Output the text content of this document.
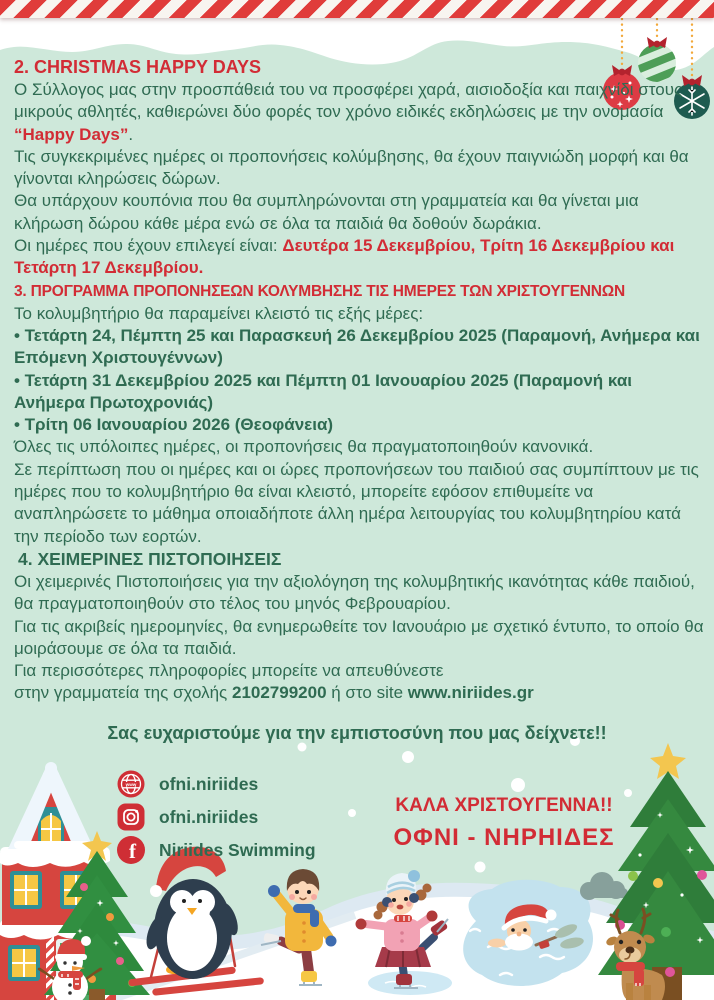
2. CHRISTMAS HAPPY DAYS

Ο Σύλλογος μας στην προσπάθειά του να προσφέρει χαρά, αισιοδοξία και παιχνίδι στους μικρούς αθλητές, καθιερώνει δύο φορές τον χρόνο ειδικές εκδηλώσεις με την ονομασία “Happy Days”.

Τις συγκεκριμένες ημέρες οι προπονήσεις κολύμβησης, θα έχουν παιγνιώδη μορφή και θα γίνονται κληρώσεις δώρων.

Θα υπάρχουν κουπόνια που θα συμπληρώνονται στη γραμματεία και θα γίνεται μια κλήρωση δώρου κάθε μέρα ενώ σε όλα τα παιδιά θα δοθούν δωράκια.

Οι ημέρες που έχουν επιλεγεί είναι: Δευτέρα 15 Δεκεμβρίου, Τρίτη 16 Δεκεμβρίου και Τετάρτη 17 Δεκεμβρίου.

3. ΠΡΟΓΡΑΜΜΑ ΠΡΟΠΟΝΗΣΕΩΝ ΚΟΛΥΜΒΗΣΗΣ ΤΙΣ ΗΜΕΡΕΣ ΤΩΝ ΧΡΙΣΤΟΥΓΕΝΝΩΝ

Το κολυμβητήριο θα παραμείνει κλειστό τις εξής μέρες:

• Τετάρτη 24, Πέμπτη 25 και Παρασκευή 26 Δεκεμβρίου 2025 (Παραμονή, Ανήμερα και Επόμενη Χριστουγέννων)

• Τετάρτη 31 Δεκεμβρίου 2025 και Πέμπτη 01 Ιανουαρίου 2025 (Παραμονή και Ανήμερα Πρωτοχρονιάς)

• Τρίτη 06 Ιανουαρίου 2026 (Θεοφάνεια)

Όλες τις υπόλοιπες ημέρες, οι προπονήσεις θα πραγματοποιηθούν κανονικά.

Σε περίπτωση που οι ημέρες και οι ώρες προπονήσεων του παιδιού σας συμπίπτουν με τις ημέρες που το κολυμβητήριο θα είναι κλειστό, μπορείτε εφόσον επιθυμείτε να αναπληρώσετε το μάθημα οποιαδήποτε άλλη ημέρα λειτουργίας του κολυμβητηρίου κατά την περίοδο των εορτών.

4. ΧΕΙΜΕΡΙΝΕΣ ΠΙΣΤΟΠΟΙΗΣΕΙΣ

Οι χειμερινές Πιστοποιήσεις για την αξιολόγηση της κολυμβητικής ικανότητας κάθε παιδιού, θα πραγματοποιηθούν στο τέλος του μηνός Φεβρουαρίου.

Για τις ακριβείς ημερομηνίες, θα ενημερωθείτε τον Ιανουάριο με σχετικό έντυπο, το οποίο θα μοιράσουμε σε όλα τα παιδιά.

Για περισσότερες πληροφορίες μπορείτε να απευθύνεστε

στην γραμματεία της σχολής 2102799200 ή στο site www.niriides.gr

Σας ευχαριστούμε για την εμπιστοσύνη που μας δείχνετε!!
www ofni.niriides
ofni.niriides
f Niriides Swimming
ΚΑΛΑ ΧΡΙΣΤΟΥΓΕΝΝΑ!!
ΟΦΝΙ - ΝΗΡΗΙΔΕΣ
